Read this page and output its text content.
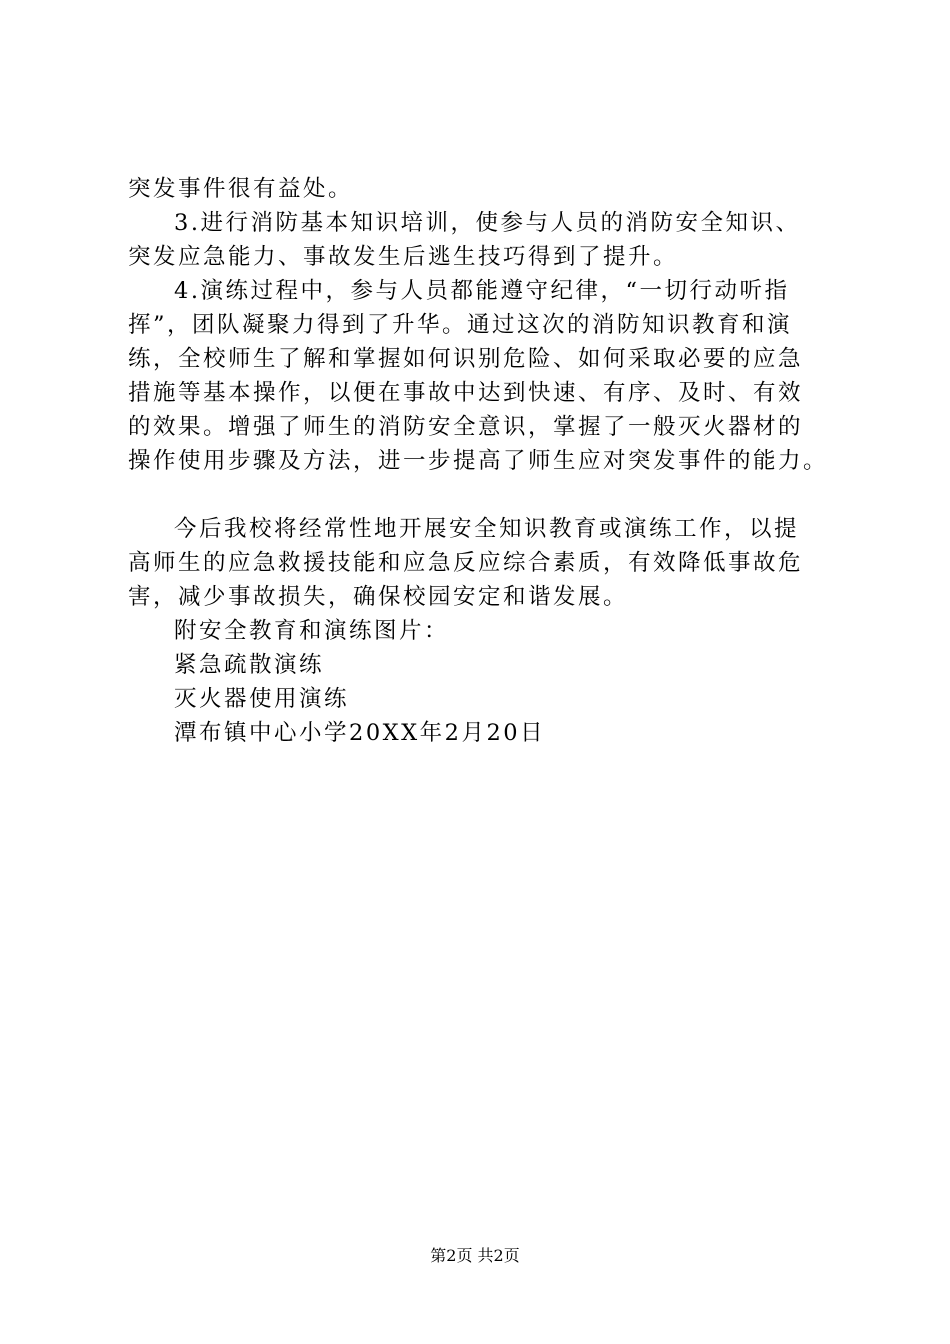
突发事件很有益处。
3.进行消防基本知识培训，使参与人员的消防安全知识、
突发应急能力、事故发生后逃生技巧得到了提升。
4.演练过程中，参与人员都能遵守纪律，“一切行动听指
挥”，团队凝聚力得到了升华。通过这次的消防知识教育和演
练，全校师生了解和掌握如何识别危险、如何采取必要的应急
措施等基本操作，以便在事故中达到快速、有序、及时、有效
的效果。增强了师生的消防安全意识，掌握了一般灭火器材的
操作使用步骤及方法，进一步提高了师生应对突发事件的能力。
今后我校将经常性地开展安全知识教育或演练工作，以提
高师生的应急救援技能和应急反应综合素质，有效降低事故危
害，减少事故损失，确保校园安定和谐发展。
附安全教育和演练图片：
紧急疏散演练
灭火器使用演练
潭布镇中心小学20XX年2月20日
第2页 共2页
